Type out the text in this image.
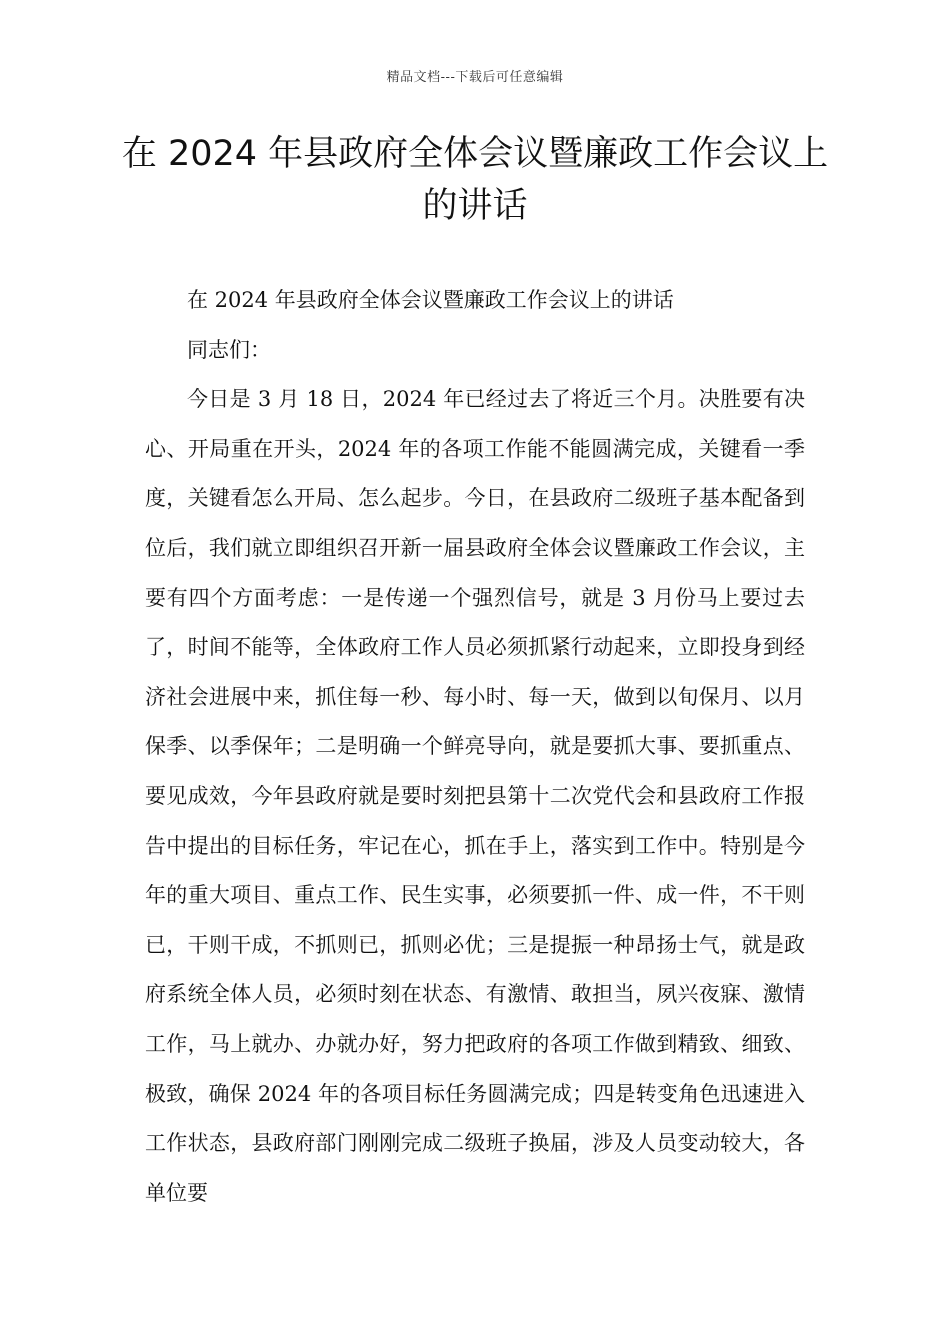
精品文档---下载后可任意编辑
在 2024 年县政府全体会议暨廉政工作会议上的讲话

在 2024 年县政府全体会议暨廉政工作会议上的讲话

同志们：

今日是 3 月 18 日，2024 年已经过去了将近三个月。决胜要有决心、开局重在开头，2024 年的各项工作能不能圆满完成，关键看一季度，关键看怎么开局、怎么起步。今日，在县政府二级班子基本配备到位后，我们就立即组织召开新一届县政府全体会议暨廉政工作会议，主要有四个方面考虑：一是传递一个强烈信号，就是 3 月份马上要过去了，时间不能等，全体政府工作人员必须抓紧行动起来，立即投身到经济社会进展中来，抓住每一秒、每小时、每一天，做到以旬保月、以月保季、以季保年；二是明确一个鲜亮导向，就是要抓大事、要抓重点、要见成效，今年县政府就是要时刻把县第十二次党代会和县政府工作报告中提出的目标任务，牢记在心，抓在手上，落实到工作中。特别是今年的重大项目、重点工作、民生实事，必须要抓一件、成一件，不干则已，干则干成，不抓则已，抓则必优；三是提振一种昂扬士气，就是政府系统全体人员，必须时刻在状态、有激情、敢担当，夙兴夜寐、激情工作，马上就办、办就办好，努力把政府的各项工作做到精致、细致、极致，确保 2024 年的各项目标任务圆满完成；四是转变角色迅速进入工作状态，县政府部门刚刚完成二级班子换届，涉及人员变动较大，各单位要
